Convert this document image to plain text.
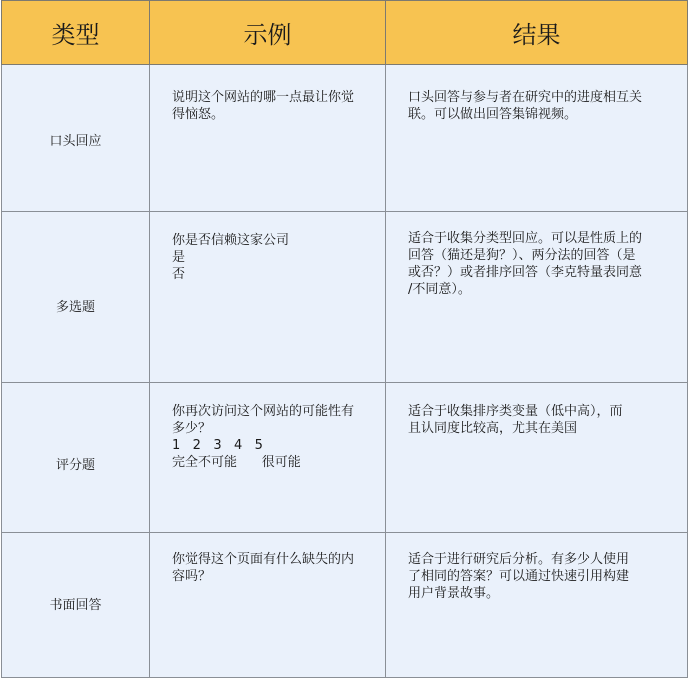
类型	示例	结果
口头回应	说明这个网站的哪一点最让你觉
得恼怒。	口头回答与参与者在研究中的进度相互关
联。可以做出回答集锦视频。

多选题	你是否信赖这家公司
是
否	适合于收集分类型回应。可以是性质上的
回答（猫还是狗？）、两分法的回答（是
或否？）或者排序回答（李克特量表同意
/不同意）。

评分题	你再次访问这个网站的可能性有
多少？
1   2   3   4   5
完全不可能      很可能	适合于收集排序类变量（低中高），而
且认同度比较高，尤其在美国

书面回答	你觉得这个页面有什么缺失的内
容吗？	适合于进行研究后分析。有多少人使用
了相同的答案？可以通过快速引用构建
用户背景故事。
